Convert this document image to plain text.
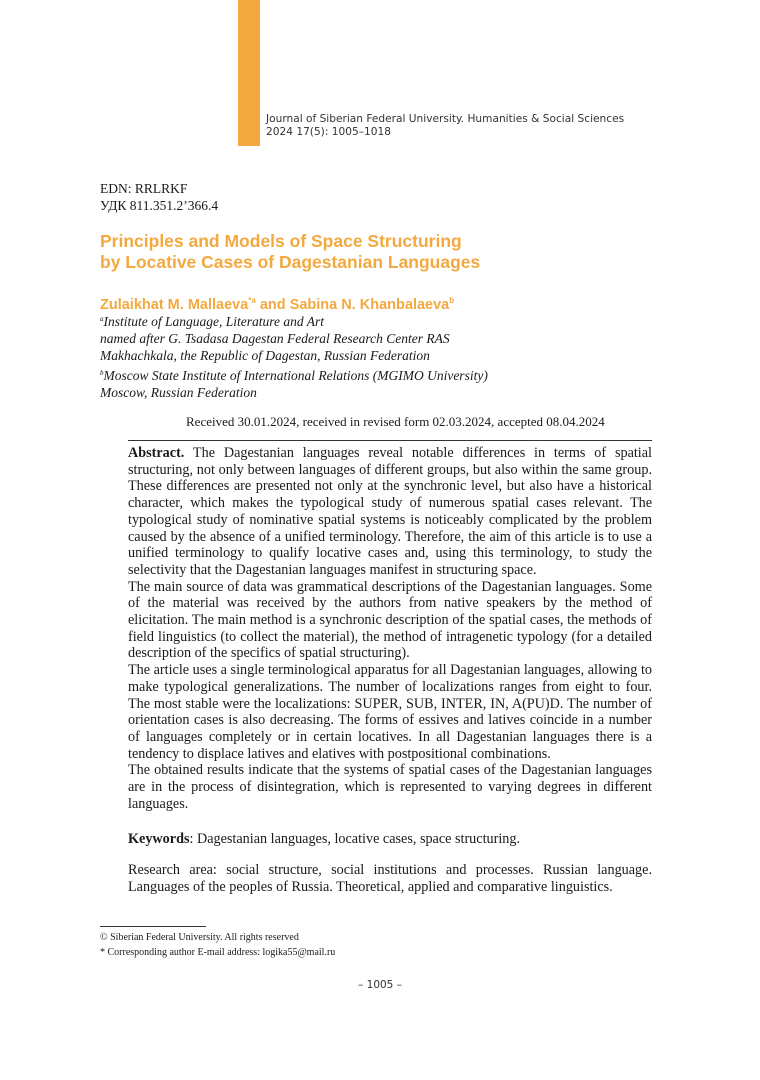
Journal of Siberian Federal University. Humanities & Social Sciences
2024 17(5): 1005–1018
EDN: RRLRKF
УДК 811.351.2’366.4
Principles and Models of Space Structuring
by Locative Cases of Dagestanian Languages
Zulaikhat M. Mallaeva$^{*a}$ and Sabina N. Khanbalaeva$^b$
$^a$Institute of Language, Literature and Art
named after G. Tsadasa Dagestan Federal Research Center RAS
Makhachkala, the Republic of Dagestan, Russian Federation
$^b$Moscow State Institute of International Relations (MGIMO University)
Moscow, Russian Federation
Received 30.01.2024, received in revised form 02.03.2024, accepted 08.04.2024

Abstract. The Dagestanian languages reveal notable differences in terms of spatial structuring, not only between languages of different groups, but also within the same group. These differences are presented not only at the synchronic level, but also have a historical character, which makes the typological study of numerous spatial cases relevant. The typological study of nominative spatial systems is noticeably complicated by the problem caused by the absence of a unified terminology. Therefore, the aim of this article is to use a unified terminology to qualify locative cases and, using this terminology, to study the selectivity that the Dagestanian languages manifest in structuring space.

The main source of data was grammatical descriptions of the Dagestanian languages. Some of the material was received by the authors from native speakers by the method of elicitation. The main method is a synchronic description of the spatial cases, the methods of field linguistics (to collect the material), the method of intragenetic typology (for a detailed description of the specifics of spatial structuring).

The article uses a single terminological apparatus for all Dagestanian languages, allowing to make typological generalizations. The number of localizations ranges from eight to four. The most stable were the localizations: SUPER, SUB, INTER, IN, A(PU)D. The number of orientation cases is also decreasing. The forms of essives and latives coincide in a number of languages completely or in certain locatives. In all Dagestanian languages there is a tendency to displace latives and elatives with postpositional combinations.

The obtained results indicate that the systems of spatial cases of the Dagestanian languages are in the process of disintegration, which is represented to varying degrees in different languages.

Keywords: Dagestanian languages, locative cases, space structuring.
Research area: social structure, social institutions and processes. Russian language. Languages of the peoples of Russia. Theoretical, applied and comparative linguistics.
© Siberian Federal University. All rights reserved
* Corresponding author E-mail address: logika55@mail.ru
– 1005 –
